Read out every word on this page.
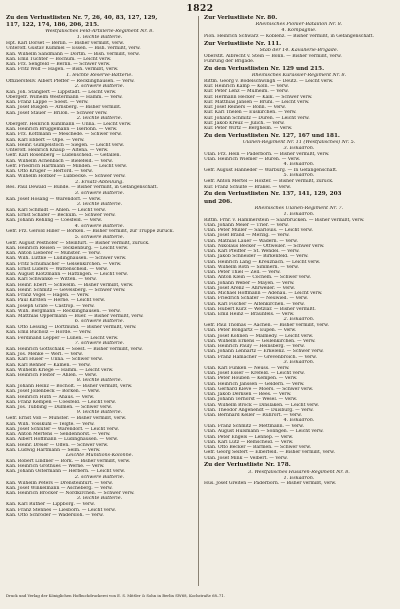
1822
Zu den Verlustlisten Nr. 7, 26, 40, 83, 127, 129,
117, 122, 174, 186, 206, 215.
Westfälisches Feld-Artillerie-Regiment Nr. 8.
1. leichte Batterie.
Hpt. Karl Dorset — Berlin. — Bisher vermißt, verw.
Unteroff. Gustav Kümmel — Essen. — Bish. vermißt, verw.
Kan. Wilhelm Sandmann — Dortm. — Bish. vermißt, verw.
Kan. Emil Tüchter — Bochum. — Leicht verw.
Kan. Frz. Sengfeld — Berlin. — Schwer verw.
Kan. Fritz Wolf — Hagen. — Bish. vermißt, verw.
1. leichte Reserve-Batterie.
Offizierstellv. Albert Pfeffer — Recklinghausen. — Verw.
2. schwere Batterie.
Kan. Joh. Stanglert — Lippstadt. — Leicht verw.
Obergefr. Wilhelm Westermann — Hamm. — Verw.
Kan. Franz Lappe — Soest. — Verw.
Kan. Josef Büsgen — Arnsberg. — Bisher vermißt.
Kan. Josef Stauer — Brilon. — Schwer verw.
2. leichte Batterie.
Obergefr. Heinrich Kuhlmann — Unna. — Leicht verw.
Kan. Heinrich Brüggemann — Iserlohn. — Verw.
Kan. Frz. Kottmann — Meschede. — Schwer verw.
Kan. Karl Ebbert — Olpe. — Verw.
Kan. Heinr. Gumpelstoch — Siegen. — Leicht verw.
Unteroff. Heinrich Knaup — Altena. — Verw.
Gefr. Karl Rosenberg — Lüdenscheid. — Gefallen.
Kan. Wilhelm Achenbach — Bielefeld. — Verw.
Gefr. Friedrich Hartmann — Minden. — Leicht verw.
Kan. Otto Krüger — Herford. — Verw.
Kan. Wilhelm Höltker — Lübbecke. — Schwer verw.
2. Ersatz-Abteilung.
Res. Paul Dewald — Bünde. — Bisher vermißt, in Gefangenschaft.
3. schwere Batterie.
Kan. Josef Hosang — Warendorf. — Verw.
3. leichte Batterie.
Kan. Karl Schmidt — Ahlen. — Leicht verw.
Kan. Ernst Schäfer — Beckum. — Schwer verw.
Kan. Johann Rehling — Coesfeld. — Verw.
4. schwere Batterie.
Gefr. Frz. Gerold Hiller — Borken. — Bisher vermißt, zur Truppe zurück.
5. schwere Batterie.
Gefr. August Pesthöfer — Steinfurt. — Bisher vermißt, zurück.
Kan. Heinrich Reisen — Tecklenburg. — Leicht verw.
Kan. Anton Lieberer — Münster. — Verw.
Kan. Wilh. Lüttke — Lüdinghausen. — Schwer verw.
Kan. Fritz Schumacher — Gelsenkirchen. — Verw.
Kan. Ernst Lüders — Wattenscheid. — Verw.
Kan. August Klotzmann — Hattingen. — Leicht verw.
Kan. Karl Schwanke — Witten. — Verw.
Kan. Heinr. Ebert — Schwelm. — Bisher vermißt, verw.
Kan. Heinr. Schmitz — Gevelsberg. — Schwer verw.
Kan. Franz Vogel — Hagen. — Verw.
Kan. Paul Kirsten — Herne. — Leicht verw.
Kan. Joseph Gräfe — Castrop. — Verw.
Kan. Wilh. Bergmann — Recklinghausen. — Verw.
Kan. Matthias Oppermann — Buer. — Bisher vermißt, verw.
6. schwere Batterie.
Kan. Otto Lessing — Dortmund. — Bisher vermißt, verw.
Kan. Emil Bucholz — Hörde. — Verw.
Kan. Ferdinand Lepper — Lünen. — Leicht verw.
7. schwere Batterie.
Kan. Heinrich Gottschalk — Soest. — Bisher vermißt, verw.
Kan. Jos. Menke — Werl. — Verw.
Kan. Karl Hüser — Unna. — Schwer verw.
Kan. Karl Rehner — Kamen. — Verw.
Kan. Wilhelm Kriege — Hamm. — Leicht verw.
Kan. Heinrich Fleiter — Ahlen. — Verw.
8. leichte Batterie.
Kan. Johann Heinz — Bocholt. — Bisher vermißt, verw.
Kan. Josef Jöllenbeck — Borken. — Verw.
Kan. Heinrich Huth — Ahaus. — Verw.
Kan. Franz Kempen — Coesfeld. — Leicht verw.
Kan. Jos. Tübbing — Dülmen. — Schwer verw.
9. leichte Batterie.
Gefr. Ernst Voß — Münster. — Bisher vermißt, verw.
Kan. Wilh. Vosskuhl — Telgte. — Verw.
Kan. Josef Schlüter — Warendorf. — Leicht verw.
Kan. Anton Mertens — Sendenhorst. — Verw.
Kan. Albert Hoffmann — Lüdinghausen. — Verw.
Kan. Heinr. Dreier — Olfen. — Schwer verw.
Kan. Ludwig Hartmann — Selm. — Verw.
Leichte Munitions-Kolonne.
Kan. Robert Lindner — Bork. — Bisher vermißt, verw.
Kan. Heinrich Grothues — Werne. — Verw.
Kan. Johann Ostermann — Herbern. — Leicht verw.
2. schwere Batterie.
Kan. Wilhelm Peters — Drensteinfurt. — Verw.
Kan. Josef Winkelmann — Ascheberg. — Verw.
Kan. Heinrich Bröcker — Nordkirchen. — Schwer verw.
3. leichte Batterie.
Kan. Karl Rüther — Lippborg. — Verw.
Kan. Franz Stennes — Liesborn. — Leicht verw.
Kan. Otto Schröder — Wadersloh. — Verw.
Zur Verlustliste Nr. 80.
Rheinisches Pionier-Bataillon Nr. 8.
4. Kompagnie.
Pion. Heinrich Schwarz — Koblenz. — Bisher vermißt, in Gefangenschaft.
Zur Verlustliste Nr. 111.
Stab der 14. Kavallerie-Brigade.
Oberstlt. Albrecht v. Stein — Bonn. — Bisher vermißt, verw.
Führung der Brigade.
Zu den Verlustlisten Nr. 129 und 215.
Rheinisches Kürassier-Regiment Nr. 8.
Rittm. Georg v. Bodelschwingh — Deutz. — Leicht verw.
Kür. Heinrich Kamp — Köln. — Verw.
Kür. Peter Lenz — Mülheim. — Verw.
Kür. Hermann Hecker — Kalk. — Schwer verw.
Kür. Matthias Jansen — Brühl. — Leicht verw.
Kür. Josef Reiners — Bonn. — Verw.
Kür. Karl Thelen — Euskirchen. — Verw.
Kür. Johann Schmitz — Düren. — Leicht verw.
Kür. Jakob Kreuz — Jülich. — Verw.
Kür. Peter Wirtz — Bergheim. — Verw.
Zu den Verlustlisten Nr. 127, 167 und 181.
Ulanen-Regiment Nr. 11 (Westfälisches) Nr. 5.
3. Eskadron.
Ulan. Frz. Hein — Paderborn. — Bisher vermißt, verw.
Ulan. Heinrich Wiemer — Büren. — Verw.
4. Eskadron.
Gefr. August Hanneder — Warburg. — In Gefangenschaft.
5. Eskadron.
Gefr. Anton Mertel — Höxter. — Bisher vermißt, zurück.
Kür. Franz Schulte — Brakel. — Verw.
Zu den Verlustlisten Nr. 137, 141, 129, 203
und 206.
Rheinisches Ulanen-Regiment Nr. 7.
1. Eskadron.
Rittm. Frhr. v. Hammerstein — Saarbrücken. — Bisher vermißt, verw.
Ulan. Johann Meier — Trier. — Verw.
Ulan. Peter Müller — Saarlouis. — Leicht verw.
Ulan. Josef Brand — Merzig. — Verw.
Ulan. Mathias Lauer — Wadern. — Verw.
Ulan. Nikolaus Becker — Ottweiler. — Schwer verw.
Ulan. Karl Pfeiffer — St. Wendel. — Verw.
Ulan. Jakob Schneider — Birkenfeld. — Verw.
Ulan. Heinrich Lang — Kreuznach. — Leicht verw.
Ulan. Wilhelm Roth — Simmern. — Verw.
Ulan. Peter Thiel — Zell. — Verw.
Ulan. Anton Klein — Cochem. — Schwer verw.
Ulan. Johann Weber — Mayen. — Verw.
Ulan. Josef Arenz — Ahrweiler. — Verw.
Ulan. Michael Hoffmann — Adenau. — Leicht verw.
Ulan. Friedrich Schäfer — Neuwied. — Verw.
Ulan. Karl Fischer — Altenkirchen. — Verw.
Ulan. Hubert Kurz — Wetzlar. — Bisher vermißt.
Ulan. Emil Heinz — Braunfels. — Verw.
2. Eskadron.
Gefr. Paul Thomas — Aachen. — Bisher vermißt, verw.
Ulan. Peter Bongartz — Eupen. — Verw.
Ulan. Josef Kohnen — Malmedy. — Leicht verw.
Ulan. Wilhelm Erkens — Geilenkirchen. — Verw.
Ulan. Heinrich Pauly — Heinsberg. — Verw.
Ulan. Johann Lennartz — Erkelenz. — Schwer verw.
Ulan. Franz Hamacher — Grevenbroich. — Verw.
3. Eskadron.
Ulan. Karl Funken — Neuss. — Verw.
Ulan. Josef Esser — Krefeld. — Leicht verw.
Ulan. Peter Houben — Kempen. — Verw.
Ulan. Heinrich Janssen — Geldern. — Verw.
Ulan. Gerhard Kleve — Moers. — Schwer verw.
Ulan. Jakob Derksen — Rees. — Verw.
Ulan. Johann Terhorst — Wesel. — Verw.
Ulan. Wilhelm Brock — Dinslaken. — Leicht verw.
Ulan. Theodor Angenendt — Duisburg. — Verw.
Ulan. Bernhard Keller — Ruhrort. — Verw.
4. Eskadron.
Ulan. Franz Schmitz — Mettmann. — Verw.
Ulan. August Hülsmann — Solingen. — Leicht verw.
Ulan. Peter Engels — Lennep. — Verw.
Ulan. Karl Lütz — Remscheid. — Verw.
Ulan. Otto Becker — Barmen. — Schwer verw.
Gefr. Georg Seifert — Elberfeld. — Bisher vermißt, verw.
Ulan. Josef Mink — Velbert. — Verw.
Zu der Verlustliste Nr. 178.
3. Westfälisches Husaren-Regiment Nr. 8.
1. Eskadron.
Hus. Josef Greiten — Paderborn. — Bisher vermißt, verw.
Druck und Verlag der Königlichen Hofbuchdruckerei von E. S. Mittler & Sohn in Berlin SW68, Kochstraße 68–71.
